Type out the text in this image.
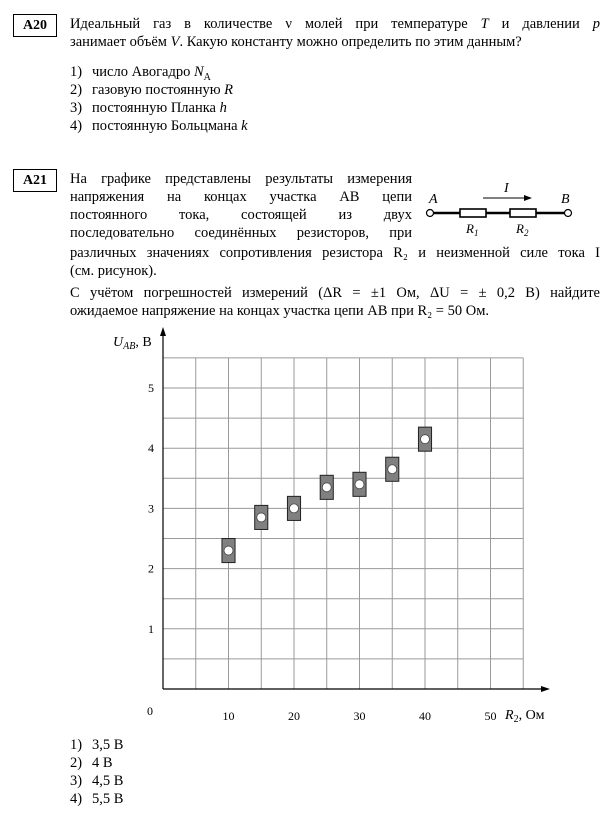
A20	Идеальный газ в количестве ν молей при температуре T и давлении p
занимает объём V. Какую константу можно определить по этим данным?
1) число Авогадро $N_A$
2) газовую постоянную R
3) постоянную Планка h
4) постоянную Больцмана k
A21	На графике представлены результаты измерения
напряжения на концах участка AB цепи
постоянного тока, состоящей из двух
последовательно соединённых резисторов, при
A	B
I
$R_1$	$R_2$
различных значениях сопротивления резистора R₂ и неизменной силе тока I
(см. рисунок).
С учётом погрешностей измерений (ΔR = ±1 Ом, ΔU = ± 0,2 В) найдите
ожидаемое напряжение на концах участка цепи AB при R₂ = 50 Ом.
10	20	30	40	50
1
2
3
4
5
$U_{AB}$, В
$R_2$, Ом
0
1) 3,5 В
2) 4 В
3) 4,5 В
4) 5,5 В
